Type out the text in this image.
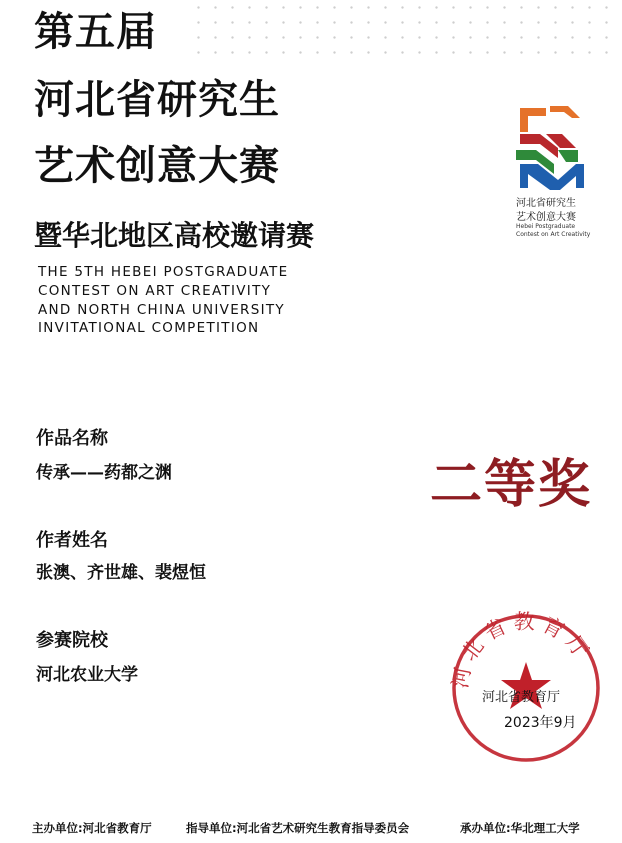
第五届
河北省研究生
艺术创意大赛
暨华北地区高校邀请赛
THE 5TH HEBEI POSTGRADUATE
CONTEST ON ART CREATIVITY
AND NORTH CHINA UNIVERSITY
INVITATIONAL COMPETITION
河北省研究生
艺术创意大赛
Hebei Postgraduate
Contest on Art Creativity
作品名称
传承——药都之渊
作者姓名
张澳、齐世雄、裴煜恒
参赛院校
河北农业大学
二等奖
河北省教育厅
河北省教育厅
2023年9月
主办单位:河北省教育厅	指导单位:河北省艺术研究生教育指导委员会	承办单位:华北理工大学
